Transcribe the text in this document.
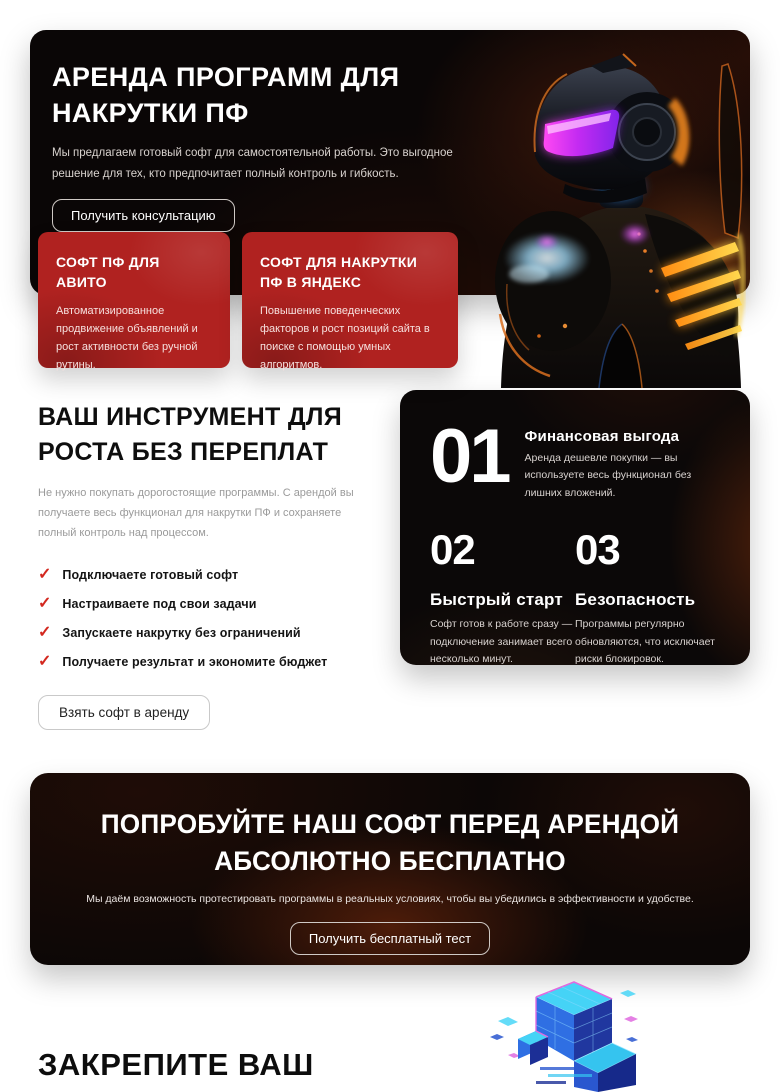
АРЕНДА ПРОГРАММ ДЛЯ НАКРУТКИ ПФ

Мы предлагаем готовый софт для самостоятельной работы. Это выгодное решение для тех, кто предпочитает полный контроль и гибкость.

Получить консультацию
СОФТ ПФ ДЛЯ АВИТО

Автоматизированное продвижение объявлений и рост активности без ручной рутины.

СОФТ ДЛЯ НАКРУТКИ ПФ В ЯНДЕКС

Повышение поведенческих факторов и рост позиций сайта в поиске с помощью умных алгоритмов.

ВАШ ИНСТРУМЕНТ ДЛЯ РОСТА БЕЗ ПЕРЕПЛАТ

Не нужно покупать дорогостоящие программы. С арендой вы получаете весь функционал для накрутки ПФ и сохраняете полный контроль над процессом.

✓ Подключаете готовый софт
✓ Настраиваете под свои задачи
✓ Запускаете накрутку без ограничений
✓ Получаете результат и экономите бюджет
Взять софт в аренду
01 Финансовая выгода
Аренда дешевле покупки — вы используете весь функционал без лишних вложений.
02
Быстрый старт

Софт готов к работе сразу — подключение занимает всего несколько минут.

03
Безопасность

Программы регулярно обновляются, что исключает риски блокировок.

ПОПРОБУЙТЕ НАШ СОФТ ПЕРЕД АРЕНДОЙ АБСОЛЮТНО БЕСПЛАТНО

Мы даём возможность протестировать программы в реальных условиях, чтобы вы убедились в эффективности и удобстве.

Получить бесплатный тест
ЗАКРЕПИТЕ ВАШ
